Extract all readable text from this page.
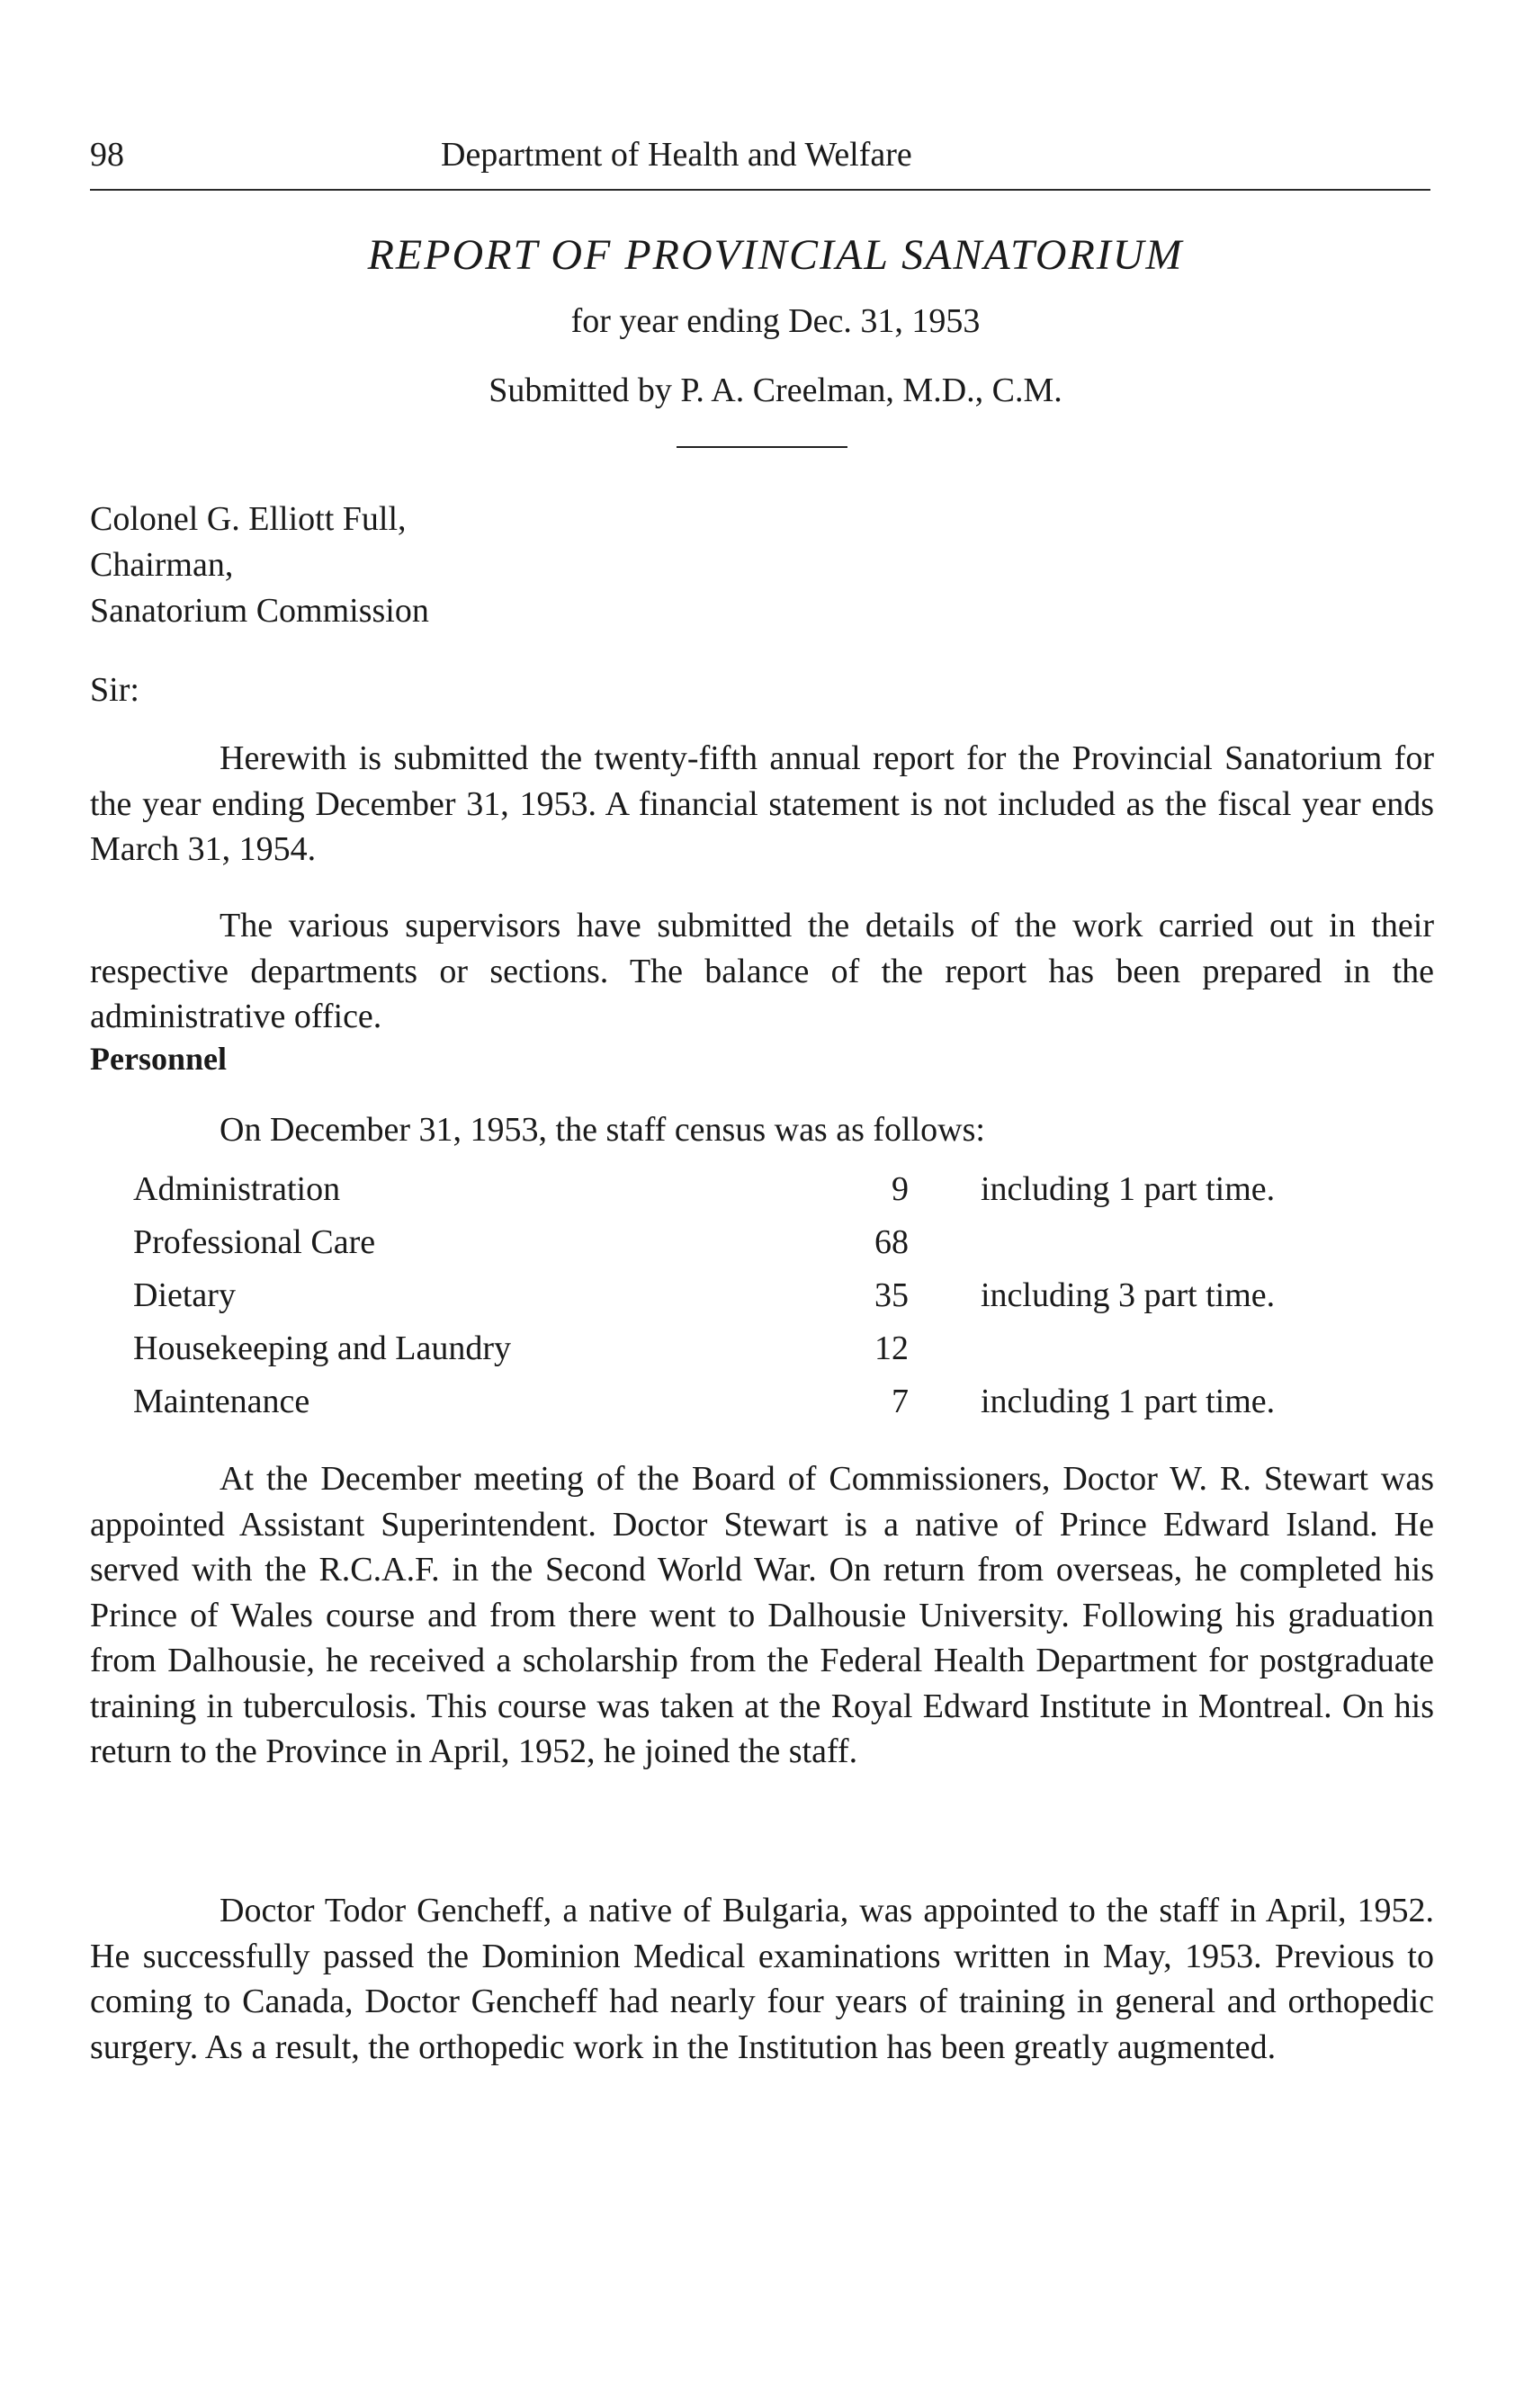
98	Department of Health and Welfare
REPORT OF PROVINCIAL SANATORIUM
for year ending Dec. 31, 1953
Submitted by P. A. Creelman, M.D., C.M.
Colonel G. Elliott Full,
Chairman,
Sanatorium Commission
Sir:

Herewith is submitted the twenty-fifth annual report for the Provincial Sanatorium for the year ending December 31, 1953. A financial statement is not included as the fiscal year ends March 31, 1954.

The various supervisors have submitted the details of the work carried out in their respective departments or sections. The balance of the report has been prepared in the administrative office.

Personnel
On December 31, 1953, the staff census was as follows:
Administration	9 including 1 part time.
Professional Care	68
Dietary	35 including 3 part time.
Housekeeping and Laundry	12
Maintenance	7 including 1 part time.

At the December meeting of the Board of Commissioners, Doctor W. R. Stewart was appointed Assistant Superintendent. Doctor Stewart is a native of Prince Edward Island. He served with the R.C.A.F. in the Second World War. On return from overseas, he completed his Prince of Wales course and from there went to Dalhousie University. Following his graduation from Dalhousie, he received a scholarship from the Federal Health Department for postgraduate training in tuberculosis. This course was taken at the Royal Edward Institute in Montreal. On his return to the Province in April, 1952, he joined the staff.

Doctor Todor Gencheff, a native of Bulgaria, was appointed to the staff in April, 1952. He successfully passed the Dominion Medical examinations written in May, 1953. Previous to coming to Canada, Doctor Gencheff had nearly four years of training in general and orthopedic surgery. As a result, the orthopedic work in the Institution has been greatly augmented.
